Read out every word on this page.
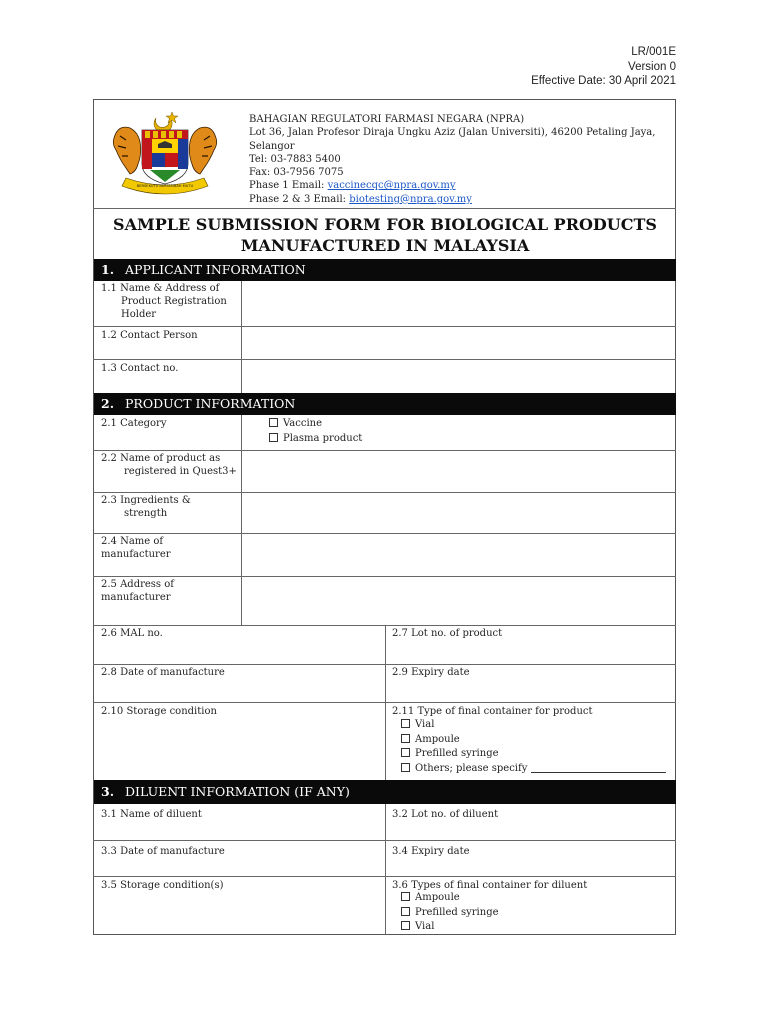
LR/001E
Version 0
Effective Date: 30 April 2021
BERSEKUTU BERTAMBAH MUTU
BAHAGIAN REGULATORI FARMASI NEGARA (NPRA)
Lot 36, Jalan Profesor Diraja Ungku Aziz (Jalan Universiti), 46200 Petaling Jaya,
Selangor
Tel: 03-7883 5400
Fax: 03-7956 7075
Phase 1 Email: vaccinecqc@npra.gov.my
Phase 2 & 3 Email: biotesting@npra.gov.my
SAMPLE SUBMISSION FORM FOR BIOLOGICAL PRODUCTS
MANUFACTURED IN MALAYSIA
1. APPLICANT INFORMATION
1.1 Name & Address of
Product Registration
Holder
1.2 Contact Person
1.3 Contact no.
2. PRODUCT INFORMATION
2.1 Category	Vaccine
Plasma product
2.2 Name of product as
registered in Quest3+
2.3 Ingredients &
strength
2.4 Name of
manufacturer
2.5 Address of
manufacturer
2.6 MAL no.	2.7 Lot no. of product
2.8 Date of manufacture	2.9 Expiry date
2.10 Storage condition	2.11 Type of final container for product
Vial
Ampoule
Prefilled syringe
Others; please specify
3. DILUENT INFORMATION (IF ANY)
3.1 Name of diluent	3.2 Lot no. of diluent
3.3 Date of manufacture	3.4 Expiry date
3.5 Storage condition(s)	3.6 Types of final container for diluent
Ampoule
Prefilled syringe
Vial
